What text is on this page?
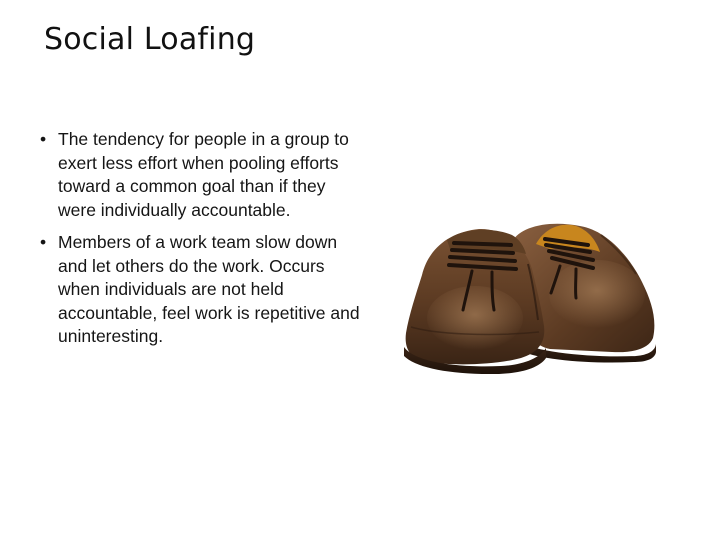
Social Loafing
• The tendency for people in a group to exert less effort when pooling efforts toward a common goal than if they were individually accountable.
• Members of a work team slow down and let others do the work. Occurs when individuals are not held accountable, feel work is repetitive and uninteresting.
